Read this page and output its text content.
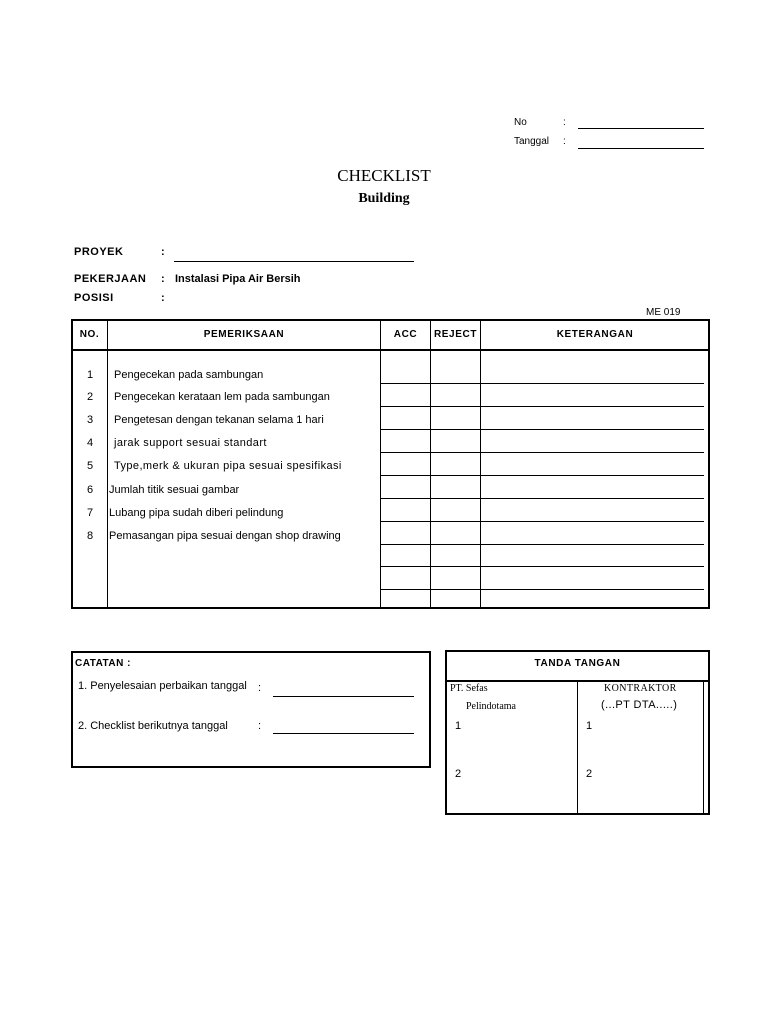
No	:
Tanggal :
CHECKLIST
Building
PROYEK	:
PEKERJAAN : Instalasi Pipa Air Bersih
POSISI	:
ME 019
NO.	PEMERIKSAAN	ACC	REJECT	KETERANGAN
1	Pengecekan pada sambungan
2	Pengecekan kerataan lem pada sambungan
3	Pengetesan dengan tekanan selama 1 hari
4	jarak support sesuai standart
5	Type,merk & ukuran pipa sesuai spesifikasi
6	Jumlah titik sesuai gambar
7	Lubang pipa sudah diberi pelindung
8	Pemasangan pipa sesuai dengan shop drawing
CATATAN :
1. Penyelesaian perbaikan tanggal :
2. Checklist berikutnya tanggal	:
TANDA TANGAN
PT. Sefas
Pelindotama
KONTRAKTOR
(...PT DTA.....)
1	1
2	2
